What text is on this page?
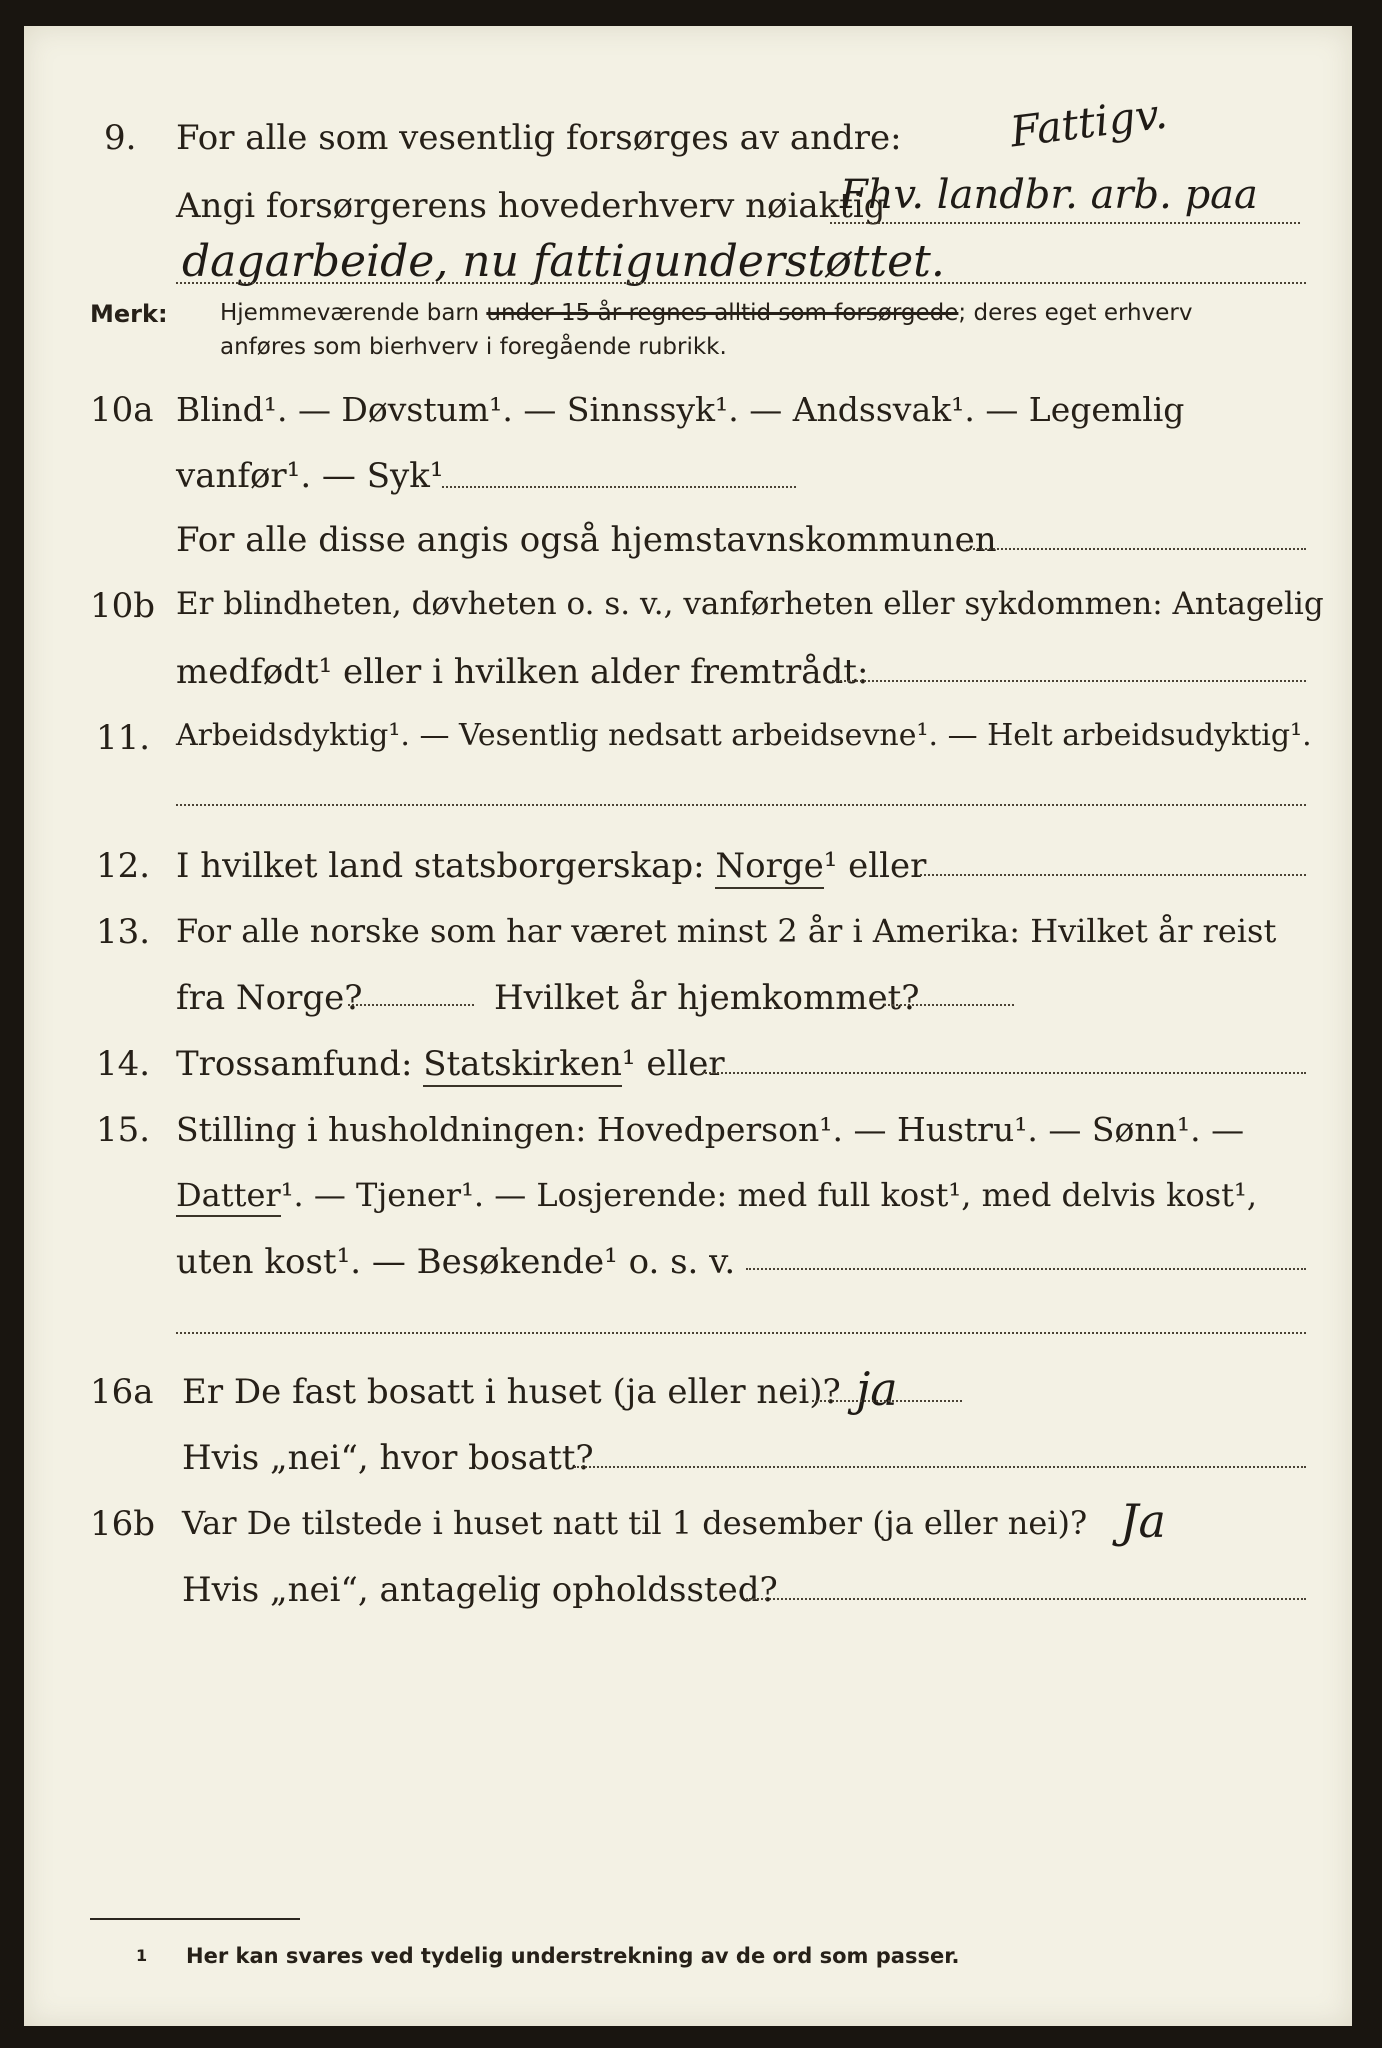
9. For alle som vesentlig forsørges av andre:	Fattigv.
Angi forsørgerens hovederhverv nøiaktig
Fhv. landbr. arb. paa
dagarbeide, nu fattigunderstøttet.
Merk: Hjemmeværende barn under 15 år regnes alltid som forsørgede; deres eget erhverv
anføres som bierhverv i foregående rubrikk.
10a Blind¹. — Døvstum¹. — Sinnssyk¹. — Andssvak¹. — Legemlig
vanfør¹. — Syk¹
For alle disse angis også hjemstavnskommunen
10b Er blindheten, døvheten o. s. v., vanførheten eller sykdommen: Antagelig
medfødt¹ eller i hvilken alder fremtrådt:
11. Arbeidsdyktig¹. — Vesentlig nedsatt arbeidsevne¹. — Helt arbeidsudyktig¹.
12. I hvilket land statsborgerskap: Norge¹ eller
13. For alle norske som har været minst 2 år i Amerika: Hvilket år reist
fra Norge?	Hvilket år hjemkommet?
14. Trossamfund: Statskirken¹ eller
15. Stilling i husholdningen: Hovedperson¹. — Hustru¹. — Sønn¹. —
Datter¹. — Tjener¹. — Losjerende: med full kost¹, med delvis kost¹,
uten kost¹. — Besøkende¹ o. s. v.
16a Er De fast bosatt i huset (ja eller nei)? ja
Hvis „nei“, hvor bosatt?
16b Var De tilstede i huset natt til 1 desember (ja eller nei)? Ja
Hvis „nei“, antagelig opholdssted?
1 Her kan svares ved tydelig understrekning av de ord som passer.
